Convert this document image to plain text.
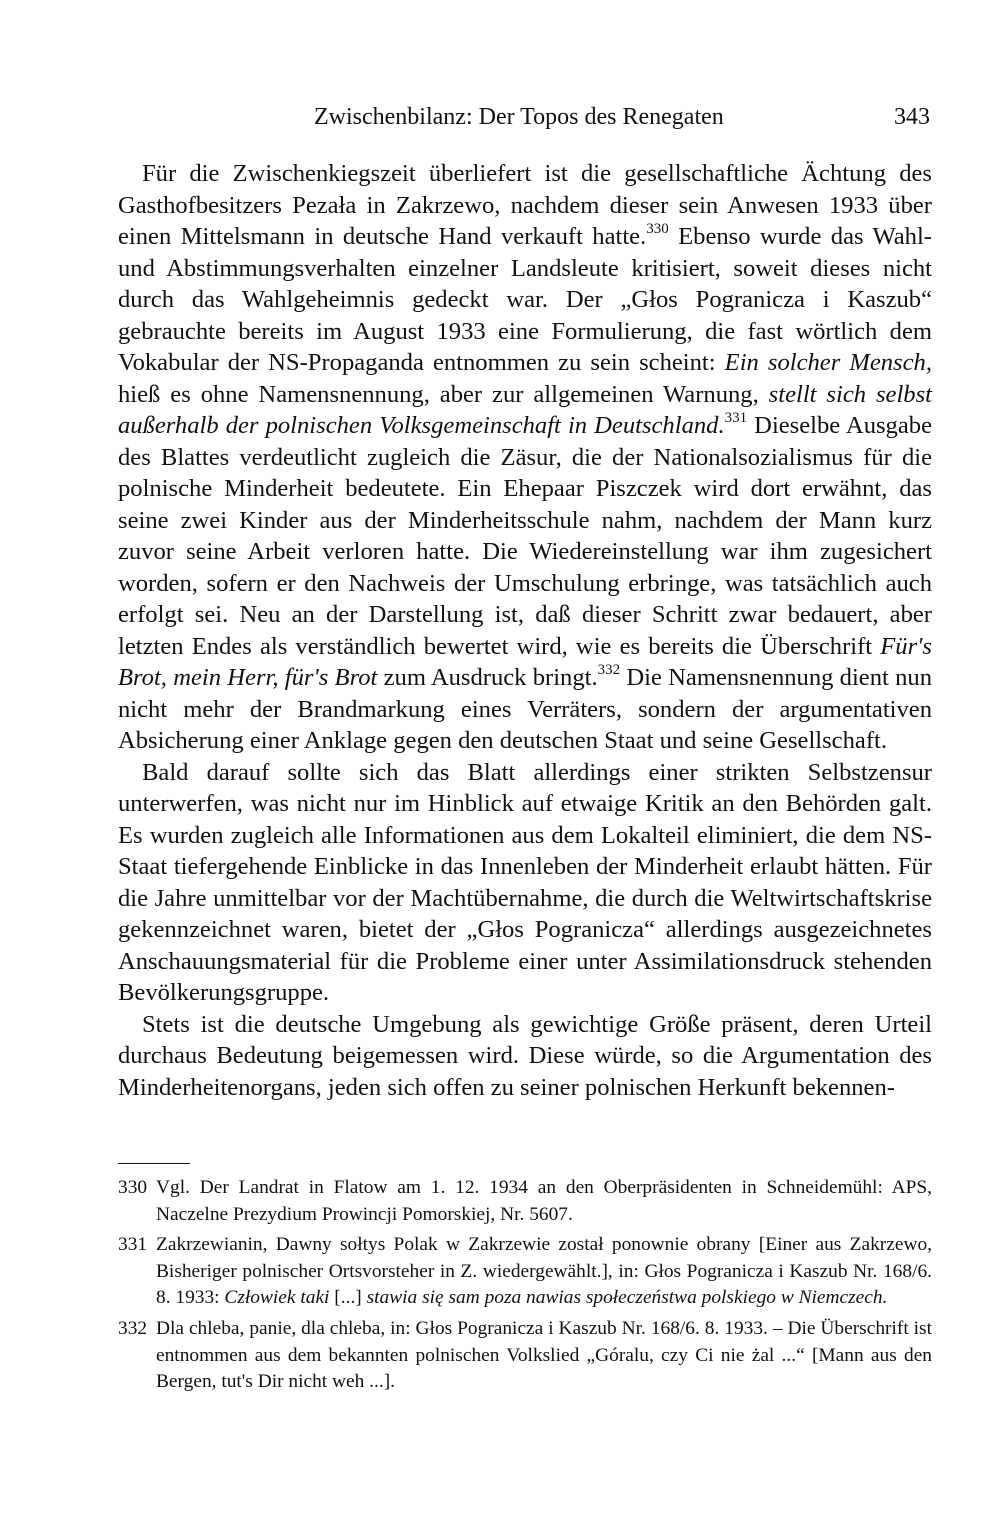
Zwischenbilanz: Der Topos des Renegaten	343

Für die Zwischenkiegszeit überliefert ist die gesellschaftliche Ächtung des Gasthofbesitzers Pezała in Zakrzewo, nachdem dieser sein Anwesen 1933 über einen Mittelsmann in deutsche Hand verkauft hatte.$^{330}$ Ebenso wurde das Wahl- und Abstimmungsverhalten einzelner Landsleute kritisiert, soweit dieses nicht durch das Wahlgeheimnis gedeckt war. Der „Głos Pogranicza i Kaszub“ gebrauchte bereits im August 1933 eine Formulierung, die fast wörtlich dem Vokabular der NS-Propaganda entnommen zu sein scheint: Ein solcher Mensch, hieß es ohne Namensnennung, aber zur allgemeinen Warnung, stellt sich selbst außerhalb der polnischen Volksgemeinschaft in Deutschland.$^{331}$ Dieselbe Ausgabe des Blattes verdeutlicht zugleich die Zäsur, die der Nationalsozialismus für die polnische Minderheit bedeutete. Ein Ehepaar Piszczek wird dort erwähnt, das seine zwei Kinder aus der Minderheitsschule nahm, nachdem der Mann kurz zuvor seine Arbeit verloren hatte. Die Wiedereinstellung war ihm zugesichert worden, sofern er den Nachweis der Umschulung erbringe, was tatsächlich auch erfolgt sei. Neu an der Darstellung ist, daß dieser Schritt zwar bedauert, aber letzten Endes als verständlich bewertet wird, wie es bereits die Überschrift Für's Brot, mein Herr, für's Brot zum Ausdruck bringt.$^{332}$ Die Namensnennung dient nun nicht mehr der Brandmarkung eines Verräters, sondern der argumentativen Absicherung einer Anklage gegen den deutschen Staat und seine Gesellschaft.

Bald darauf sollte sich das Blatt allerdings einer strikten Selbstzensur unterwerfen, was nicht nur im Hinblick auf etwaige Kritik an den Behörden galt. Es wurden zugleich alle Informationen aus dem Lokalteil eliminiert, die dem NS-Staat tiefergehende Einblicke in das Innenleben der Minderheit erlaubt hätten. Für die Jahre unmittelbar vor der Machtübernahme, die durch die Weltwirtschaftskrise gekennzeichnet waren, bietet der „Głos Pogranicza“ allerdings ausgezeichnetes Anschauungsmaterial für die Probleme einer unter Assimilationsdruck stehenden Bevölkerungsgruppe.

Stets ist die deutsche Umgebung als gewichtige Größe präsent, deren Urteil durchaus Bedeutung beigemessen wird. Diese würde, so die Argumentation des Minderheitenorgans, jeden sich offen zu seiner polnischen Herkunft bekennen-

330 Vgl. Der Landrat in Flatow am 1. 12. 1934 an den Oberpräsidenten in Schneidemühl: APS, Naczelne Prezydium Prowincji Pomorskiej, Nr. 5607.
331 Zakrzewianin, Dawny sołtys Polak w Zakrzewie został ponownie obrany [Einer aus Zakrzewo, Bisheriger polnischer Ortsvorsteher in Z. wiedergewählt.], in: Głos Pogranicza i Kaszub Nr. 168/6. 8. 1933: Człowiek taki [...] stawia się sam poza nawias społeczeństwa polskiego w Niemczech.
332 Dla chleba, panie, dla chleba, in: Głos Pogranicza i Kaszub Nr. 168/6. 8. 1933. – Die Überschrift ist entnommen aus dem bekannten polnischen Volkslied „Góralu, czy Ci nie żal ...“ [Mann aus den Bergen, tut's Dir nicht weh ...].
